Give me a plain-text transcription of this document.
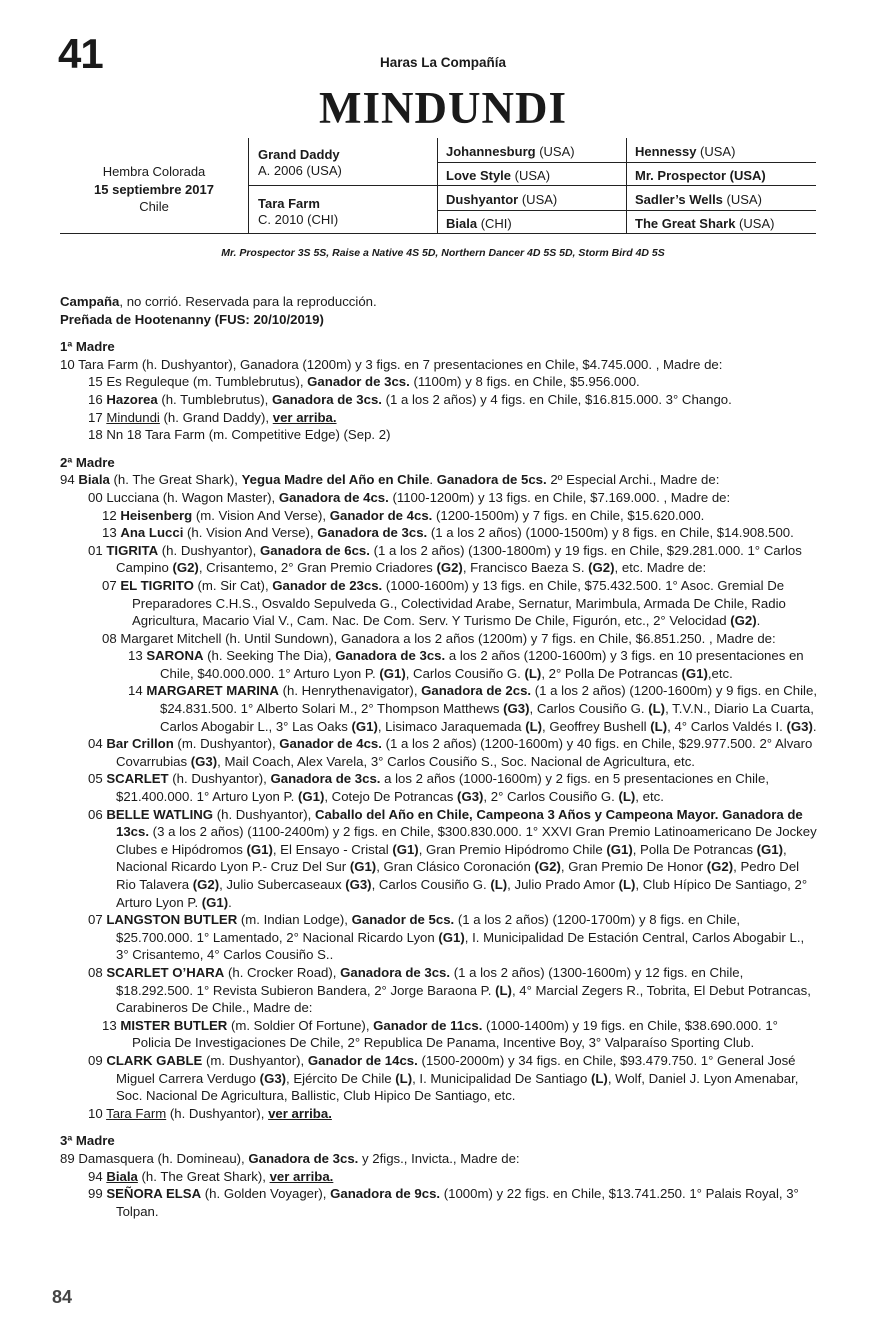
41	Haras La Compañía
MINDUNDI
Hembra Colorada
15 septiembre 2017
Chile
Grand Daddy
A. 2006 (USA)
Tara Farm
C. 2010 (CHI)
Johannesburg (USA)
Love Style (USA)
Dushyantor (USA)
Biala (CHI)
Hennessy (USA)
Mr. Prospector (USA)
Sadler’s Wells (USA)
The Great Shark (USA)
Mr. Prospector 3S 5S, Raise a Native 4S 5D, Northern Dancer 4D 5S 5D, Storm Bird 4D 5S

Campaña, no corrió. Reservada para la reproducción.

Preñada de Hootenanny (FUS: 20/10/2019)

1ª Madre

10 Tara Farm (h. Dushyantor), Ganadora (1200m) y 3 figs. en 7 presentaciones en Chile, $4.745.000. , Madre de:

15 Es Reguleque (m. Tumblebrutus), Ganador de 3cs. (1100m) y 8 figs. en Chile, $5.956.000.

16 Hazorea (h. Tumblebrutus), Ganadora de 3cs. (1 a los 2 años) y 4 figs. en Chile, $16.815.000. 3° Chango.

17 Mindundi (h. Grand Daddy), ver arriba.

18 Nn 18 Tara Farm (m. Competitive Edge) (Sep. 2)

2ª Madre

94 Biala (h. The Great Shark), Yegua Madre del Año en Chile. Ganadora de 5cs. 2º Especial Archi., Madre de:

00 Lucciana (h. Wagon Master), Ganadora de 4cs. (1100-1200m) y 13 figs. en Chile, $7.169.000. , Madre de:

12 Heisenberg (m. Vision And Verse), Ganador de 4cs. (1200-1500m) y 7 figs. en Chile, $15.620.000.

13 Ana Lucci (h. Vision And Verse), Ganadora de 3cs. (1 a los 2 años) (1000-1500m) y 8 figs. en Chile, $14.908.500.

01 TIGRITA (h. Dushyantor), Ganadora de 6cs. (1 a los 2 años) (1300-1800m) y 19 figs. en Chile, $29.281.000. 1° Carlos Campino (G2), Crisantemo, 2° Gran Premio Criadores (G2), Francisco Baeza S. (G2), etc. Madre de:

07 EL TIGRITO (m. Sir Cat), Ganador de 23cs. (1000-1600m) y 13 figs. en Chile, $75.432.500. 1° Asoc. Gremial De Preparadores C.H.S., Osvaldo Sepulveda G., Colectividad Arabe, Sernatur, Marimbula, Armada De Chile, Radio Agricultura, Macario Vial V., Cam. Nac. De Com. Serv. Y Turismo De Chile, Figurón, etc., 2° Velocidad (G2).

08 Margaret Mitchell (h. Until Sundown), Ganadora a los 2 años (1200m) y 7 figs. en Chile, $6.851.250. , Madre de:

13 SARONA (h. Seeking The Dia), Ganadora de 3cs. a los 2 años (1200-1600m) y 3 figs. en 10 presentaciones en Chile, $40.000.000. 1° Arturo Lyon P. (G1), Carlos Cousiño G. (L), 2° Polla De Potrancas (G1),etc.

14 MARGARET MARINA (h. Henrythenavigator), Ganadora de 2cs. (1 a los 2 años) (1200-1600m) y 9 figs. en Chile, $24.831.500. 1° Alberto Solari M., 2° Thompson Matthews (G3), Carlos Cousiño G. (L), T.V.N., Diario La Cuarta, Carlos Abogabir L., 3° Las Oaks (G1), Lisimaco Jaraquemada (L), Geoffrey Bushell (L), 4° Carlos Valdés I. (G3).

04 Bar Crillon (m. Dushyantor), Ganador de 4cs. (1 a los 2 años) (1200-1600m) y 40 figs. en Chile, $29.977.500. 2° Alvaro Covarrubias (G3), Mail Coach, Alex Varela, 3° Carlos Cousiño S., Soc. Nacional de Agricultura, etc.

05 SCARLET (h. Dushyantor), Ganadora de 3cs. a los 2 años (1000-1600m) y 2 figs. en 5 presentaciones en Chile, $21.400.000. 1° Arturo Lyon P. (G1), Cotejo De Potrancas (G3), 2° Carlos Cousiño G. (L), etc.

06 BELLE WATLING (h. Dushyantor), Caballo del Año en Chile, Campeona 3 Años y Campeona Mayor. Ganadora de 13cs. (3 a los 2 años) (1100-2400m) y 2 figs. en Chile, $300.830.000. 1° XXVI Gran Premio Latinoamericano De Jockey Clubes e Hipódromos (G1), El Ensayo - Cristal (G1), Gran Premio Hipódromo Chile (G1), Polla De Potrancas (G1), Nacional Ricardo Lyon P.- Cruz Del Sur (G1), Gran Clásico Coronación (G2), Gran Premio De Honor (G2), Pedro Del Rio Talavera (G2), Julio Subercaseaux (G3), Carlos Cousiño G. (L), Julio Prado Amor (L), Club Hípico De Santiago, 2° Arturo Lyon P. (G1).

07 LANGSTON BUTLER (m. Indian Lodge), Ganador de 5cs. (1 a los 2 años) (1200-1700m) y 8 figs. en Chile, $25.700.000. 1° Lamentado, 2° Nacional Ricardo Lyon (G1), I. Municipalidad De Estación Central, Carlos Abogabir L., 3° Crisantemo, 4° Carlos Cousiño S..

08 SCARLET O’HARA (h. Crocker Road), Ganadora de 3cs. (1 a los 2 años) (1300-1600m) y 12 figs. en Chile, $18.292.500. 1° Revista Subieron Bandera, 2° Jorge Baraona P. (L), 4° Marcial Zegers R., Tobrita, El Debut Potrancas, Carabineros De Chile., Madre de:

13 MISTER BUTLER (m. Soldier Of Fortune), Ganador de 11cs. (1000-1400m) y 19 figs. en Chile, $38.690.000. 1° Policia De Investigaciones De Chile, 2° Republica De Panama, Incentive Boy, 3° Valparaíso Sporting Club.

09 CLARK GABLE (m. Dushyantor), Ganador de 14cs. (1500-2000m) y 34 figs. en Chile, $93.479.750. 1° General José Miguel Carrera Verdugo (G3), Ejército De Chile (L), I. Municipalidad De Santiago (L), Wolf, Daniel J. Lyon Amenabar, Soc. Nacional De Agricultura, Ballistic, Club Hipico De Santiago, etc.

10 Tara Farm (h. Dushyantor), ver arriba.

3ª Madre

89 Damasquera (h. Domineau), Ganadora de 3cs. y 2figs., Invicta., Madre de:

94 Biala (h. The Great Shark), ver arriba.

99 SEÑORA ELSA (h. Golden Voyager), Ganadora de 9cs. (1000m) y 22 figs. en Chile, $13.741.250. 1° Palais Royal, 3° Tolpan.

84
